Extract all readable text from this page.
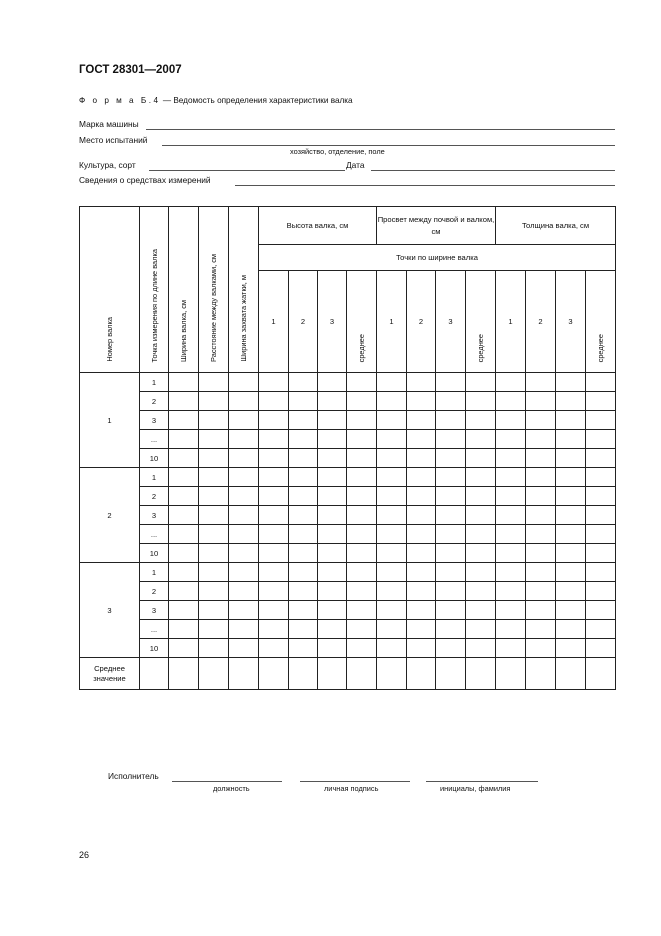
ГОСТ 28301—2007
Ф о р м а Б.4 — Ведомость определения характеристики валка
Марка машины
Место испытаний
хозяйство, отделение, поле
Культура, сорт	Дата
Сведения о средствах измерений
Номер валка	Точка измерения по длине валка	Ширина валка, см	Расстояние между валками, см	Ширина захвата жатки, м	Высота валка, см				Просвет между почвой и валком, см				Толщина валка, см			
					Точки по ширине валка											
					1	2	3	среднее	1	2	3	среднее	1	2	3	среднее
1	1															
	2															
	3															
	...															
	10															
2	1															
	2															
	3															
	...															
	10															
3	1															
	2															
	3															
	...															
	10															

Среднее
значение																

Исполнитель
должность	личная подпись	инициалы, фамилия
26
